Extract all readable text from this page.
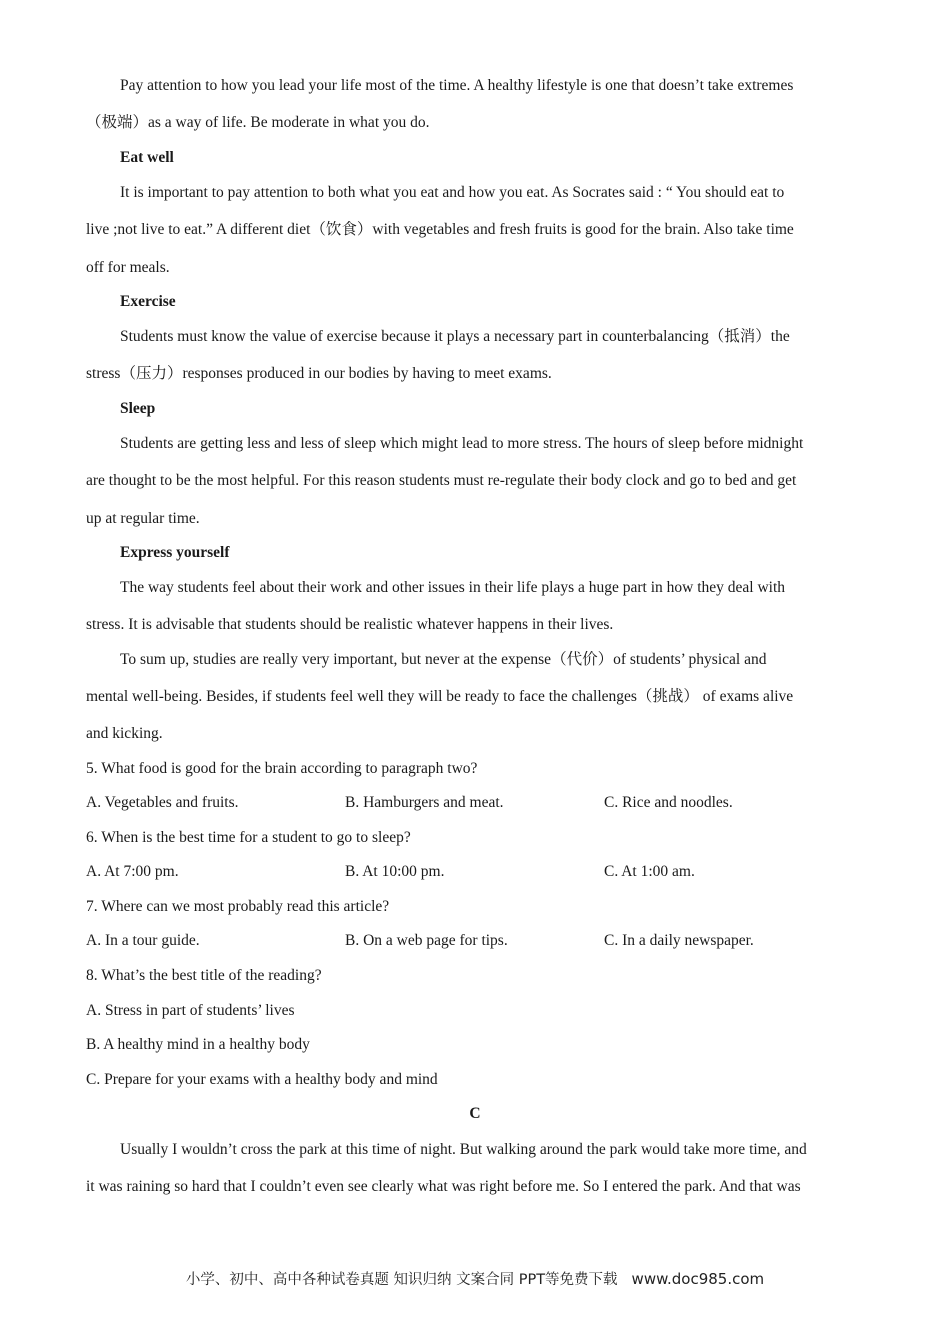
Pay attention to how you lead your life most of the time. A healthy lifestyle is one that doesn’t take extremes
（极端）as a way of life. Be moderate in what you do.
Eat well
It is important to pay attention to both what you eat and how you eat. As Socrates said : “ You should eat to
live ;not live to eat.” A different diet（饮食）with vegetables and fresh fruits is good for the brain. Also take time
off for meals.
Exercise
Students must know the value of exercise because it plays a necessary part in counterbalancing（抵消）the
stress（压力）responses produced in our bodies by having to meet exams.
Sleep
Students are getting less and less of sleep which might lead to more stress. The hours of sleep before midnight
are thought to be the most helpful. For this reason students must re-regulate their body clock and go to bed and get
up at regular time.
Express yourself
The way students feel about their work and other issues in their life plays a huge part in how they deal with
stress. It is advisable that students should be realistic whatever happens in their lives.
To sum up, studies are really very important, but never at the expense（代价）of students’ physical and
mental well-being. Besides, if students feel well they will be ready to face the challenges（挑战） of exams alive
and kicking.
5. What food is good for the brain according to paragraph two?
A. Vegetables and fruits.	B. Hamburgers and meat.	C. Rice and noodles.
6. When is the best time for a student to go to sleep?
A. At 7:00 pm.	B. At 10:00 pm.	C. At 1:00 am.
7. Where can we most probably read this article?
A. In a tour guide.	B. On a web page for tips.	C. In a daily newspaper.
8. What’s the best title of the reading?
A. Stress in part of students’ lives
B. A healthy mind in a healthy body
C. Prepare for your exams with a healthy body and mind
C
Usually I wouldn’t cross the park at this time of night. But walking around the park would take more time, and
it was raining so hard that I couldn’t even see clearly what was right before me. So I entered the park. And that was
小学、初中、高中各种试卷真题 知识归纳 文案合同 PPT等免费下载 www.doc985.com
